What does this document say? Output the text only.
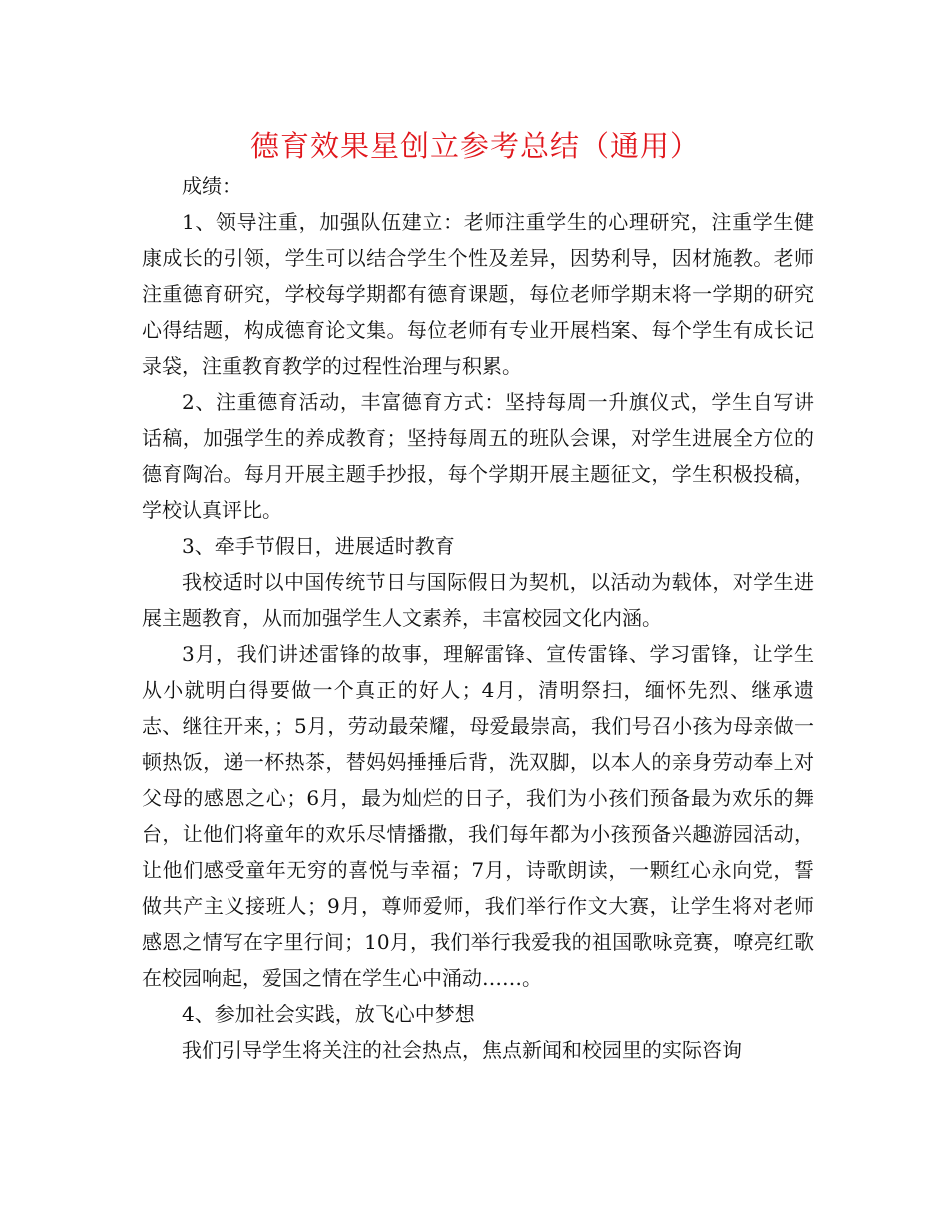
德育效果星创立参考总结（通用）

成绩：

1、领导注重，加强队伍建立：老师注重学生的心理研究，注重学生健康成长的引领，学生可以结合学生个性及差异，因势利导，因材施教。老师注重德育研究，学校每学期都有德育课题，每位老师学期末将一学期的研究心得结题，构成德育论文集。每位老师有专业开展档案、每个学生有成长记录袋，注重教育教学的过程性治理与积累。

2、注重德育活动，丰富德育方式：坚持每周一升旗仪式，学生自写讲话稿，加强学生的养成教育；坚持每周五的班队会课，对学生进展全方位的德育陶冶。每月开展主题手抄报，每个学期开展主题征文，学生积极投稿，学校认真评比。

3、牵手节假日，进展适时教育

我校适时以中国传统节日与国际假日为契机，以活动为载体，对学生进展主题教育，从而加强学生人文素养，丰富校园文化内涵。

3月，我们讲述雷锋的故事，理解雷锋、宣传雷锋、学习雷锋，让学生从小就明白得要做一个真正的好人；4月，清明祭扫，缅怀先烈、继承遗志、继往开来，；5月，劳动最荣耀，母爱最崇高，我们号召小孩为母亲做一顿热饭，递一杯热茶，替妈妈捶捶后背，洗双脚，以本人的亲身劳动奉上对父母的感恩之心；6月，最为灿烂的日子，我们为小孩们预备最为欢乐的舞台，让他们将童年的欢乐尽情播撒，我们每年都为小孩预备兴趣游园活动，让他们感受童年无穷的喜悦与幸福；7月，诗歌朗读，一颗红心永向党，誓做共产主义接班人；9月，尊师爱师，我们举行作文大赛，让学生将对老师感恩之情写在字里行间；10月，我们举行我爱我的祖国歌咏竞赛，嘹亮红歌在校园响起，爱国之情在学生心中涌动……。

4、参加社会实践，放飞心中梦想

我们引导学生将关注的社会热点，焦点新闻和校园里的实际咨询
